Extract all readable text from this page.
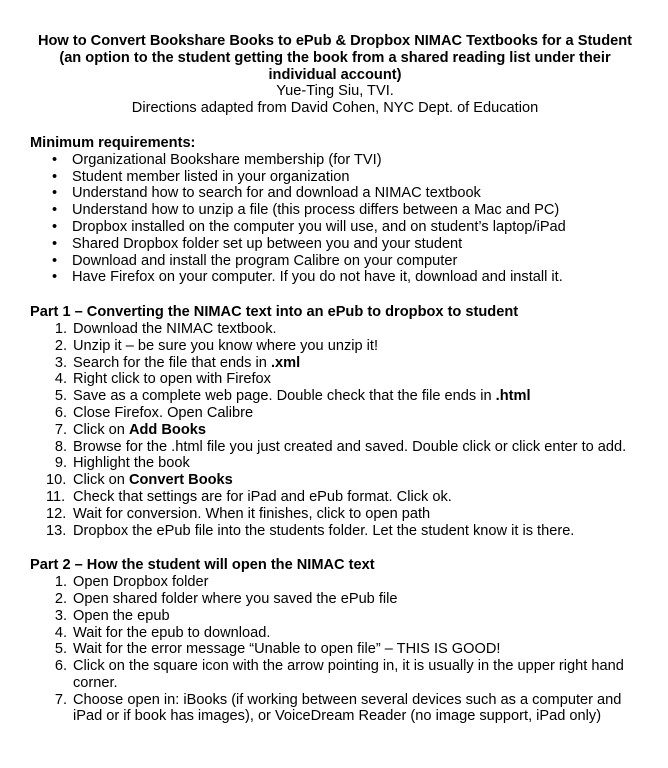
How to Convert Bookshare Books to ePub & Dropbox NIMAC Textbooks for a Student
(an option to the student getting the book from a shared reading list under their
individual account)
Yue-Ting Siu, TVI.
Directions adapted from David Cohen, NYC Dept. of Education
Minimum requirements:
• Organizational Bookshare membership (for TVI)
• Student member listed in your organization
• Understand how to search for and download a NIMAC textbook
• Understand how to unzip a file (this process differs between a Mac and PC)
• Dropbox installed on the computer you will use, and on student’s laptop/iPad
• Shared Dropbox folder set up between you and your student
• Download and install the program Calibre on your computer
• Have Firefox on your computer. If you do not have it, download and install it.
Part 1 – Converting the NIMAC text into an ePub to dropbox to student
1. Download the NIMAC textbook.
2. Unzip it – be sure you know where you unzip it!
3. Search for the file that ends in .xml
4. Right click to open with Firefox
5. Save as a complete web page. Double check that the file ends in .html
6. Close Firefox. Open Calibre
7. Click on Add Books
8. Browse for the .html file you just created and saved. Double click or click enter to add.
9. Highlight the book
10. Click on Convert Books
11. Check that settings are for iPad and ePub format. Click ok.
12. Wait for conversion. When it finishes, click to open path
13. Dropbox the ePub file into the students folder. Let the student know it is there.
Part 2 – How the student will open the NIMAC text
1. Open Dropbox folder
2. Open shared folder where you saved the ePub file
3. Open the epub
4. Wait for the epub to download.
5. Wait for the error message “Unable to open file” – THIS IS GOOD!
6. Click on the square icon with the arrow pointing in, it is usually in the upper right hand
corner.
7. Choose open in: iBooks (if working between several devices such as a computer and
iPad or if book has images), or VoiceDream Reader (no image support, iPad only)
